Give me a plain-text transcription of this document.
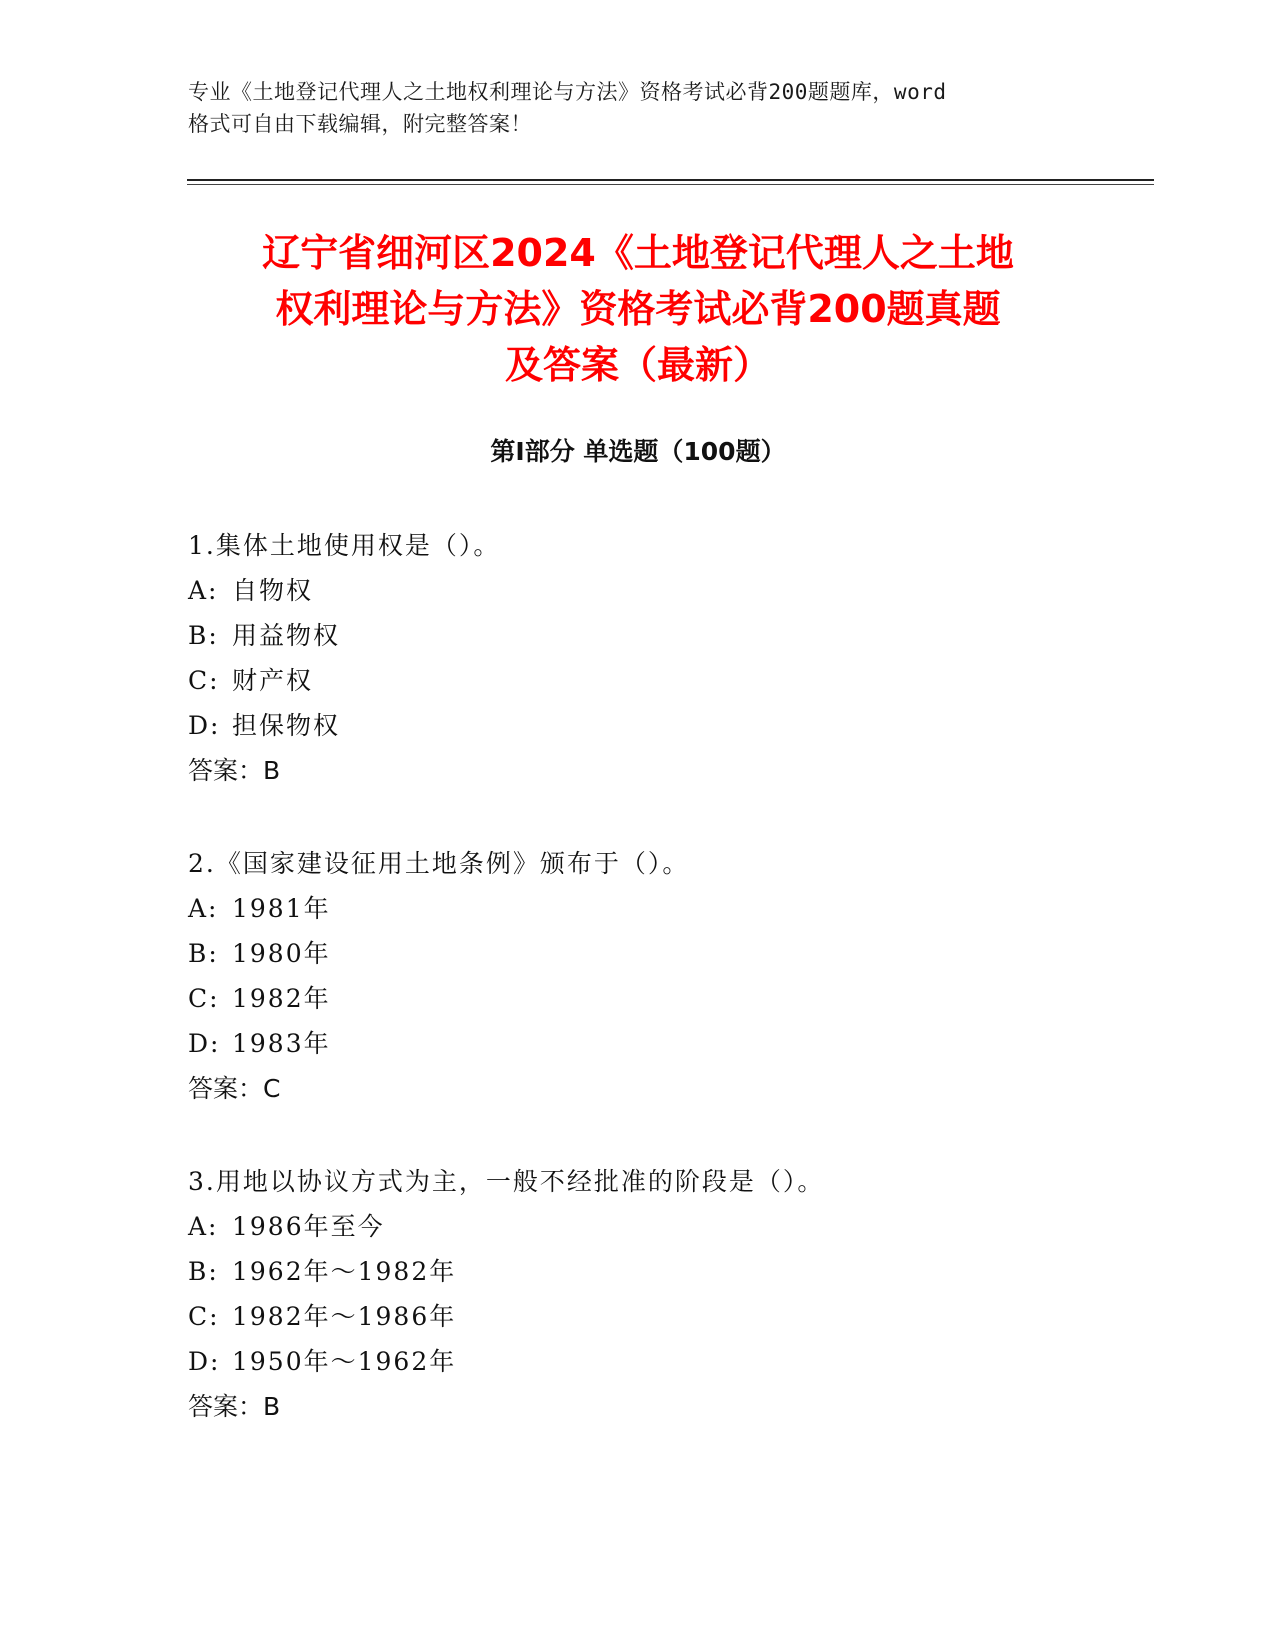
专业《土地登记代理人之土地权利理论与方法》资格考试必背200题题库，word
格式可自由下载编辑，附完整答案！
辽宁省细河区2024《土地登记代理人之土地
权利理论与方法》资格考试必背200题真题
及答案（最新）
第Ⅰ部分 单选题（100题）
1.集体土地使用权是（）。
A: 自物权
B: 用益物权
C: 财产权
D: 担保物权
答案：B
2.《国家建设征用土地条例》颁布于（）。
A: 1981年
B: 1980年
C: 1982年
D: 1983年
答案：C
3.用地以协议方式为主，一般不经批准的阶段是（）。
A: 1986年至今
B: 1962年～1982年
C: 1982年～1986年
D: 1950年～1962年
答案：B
